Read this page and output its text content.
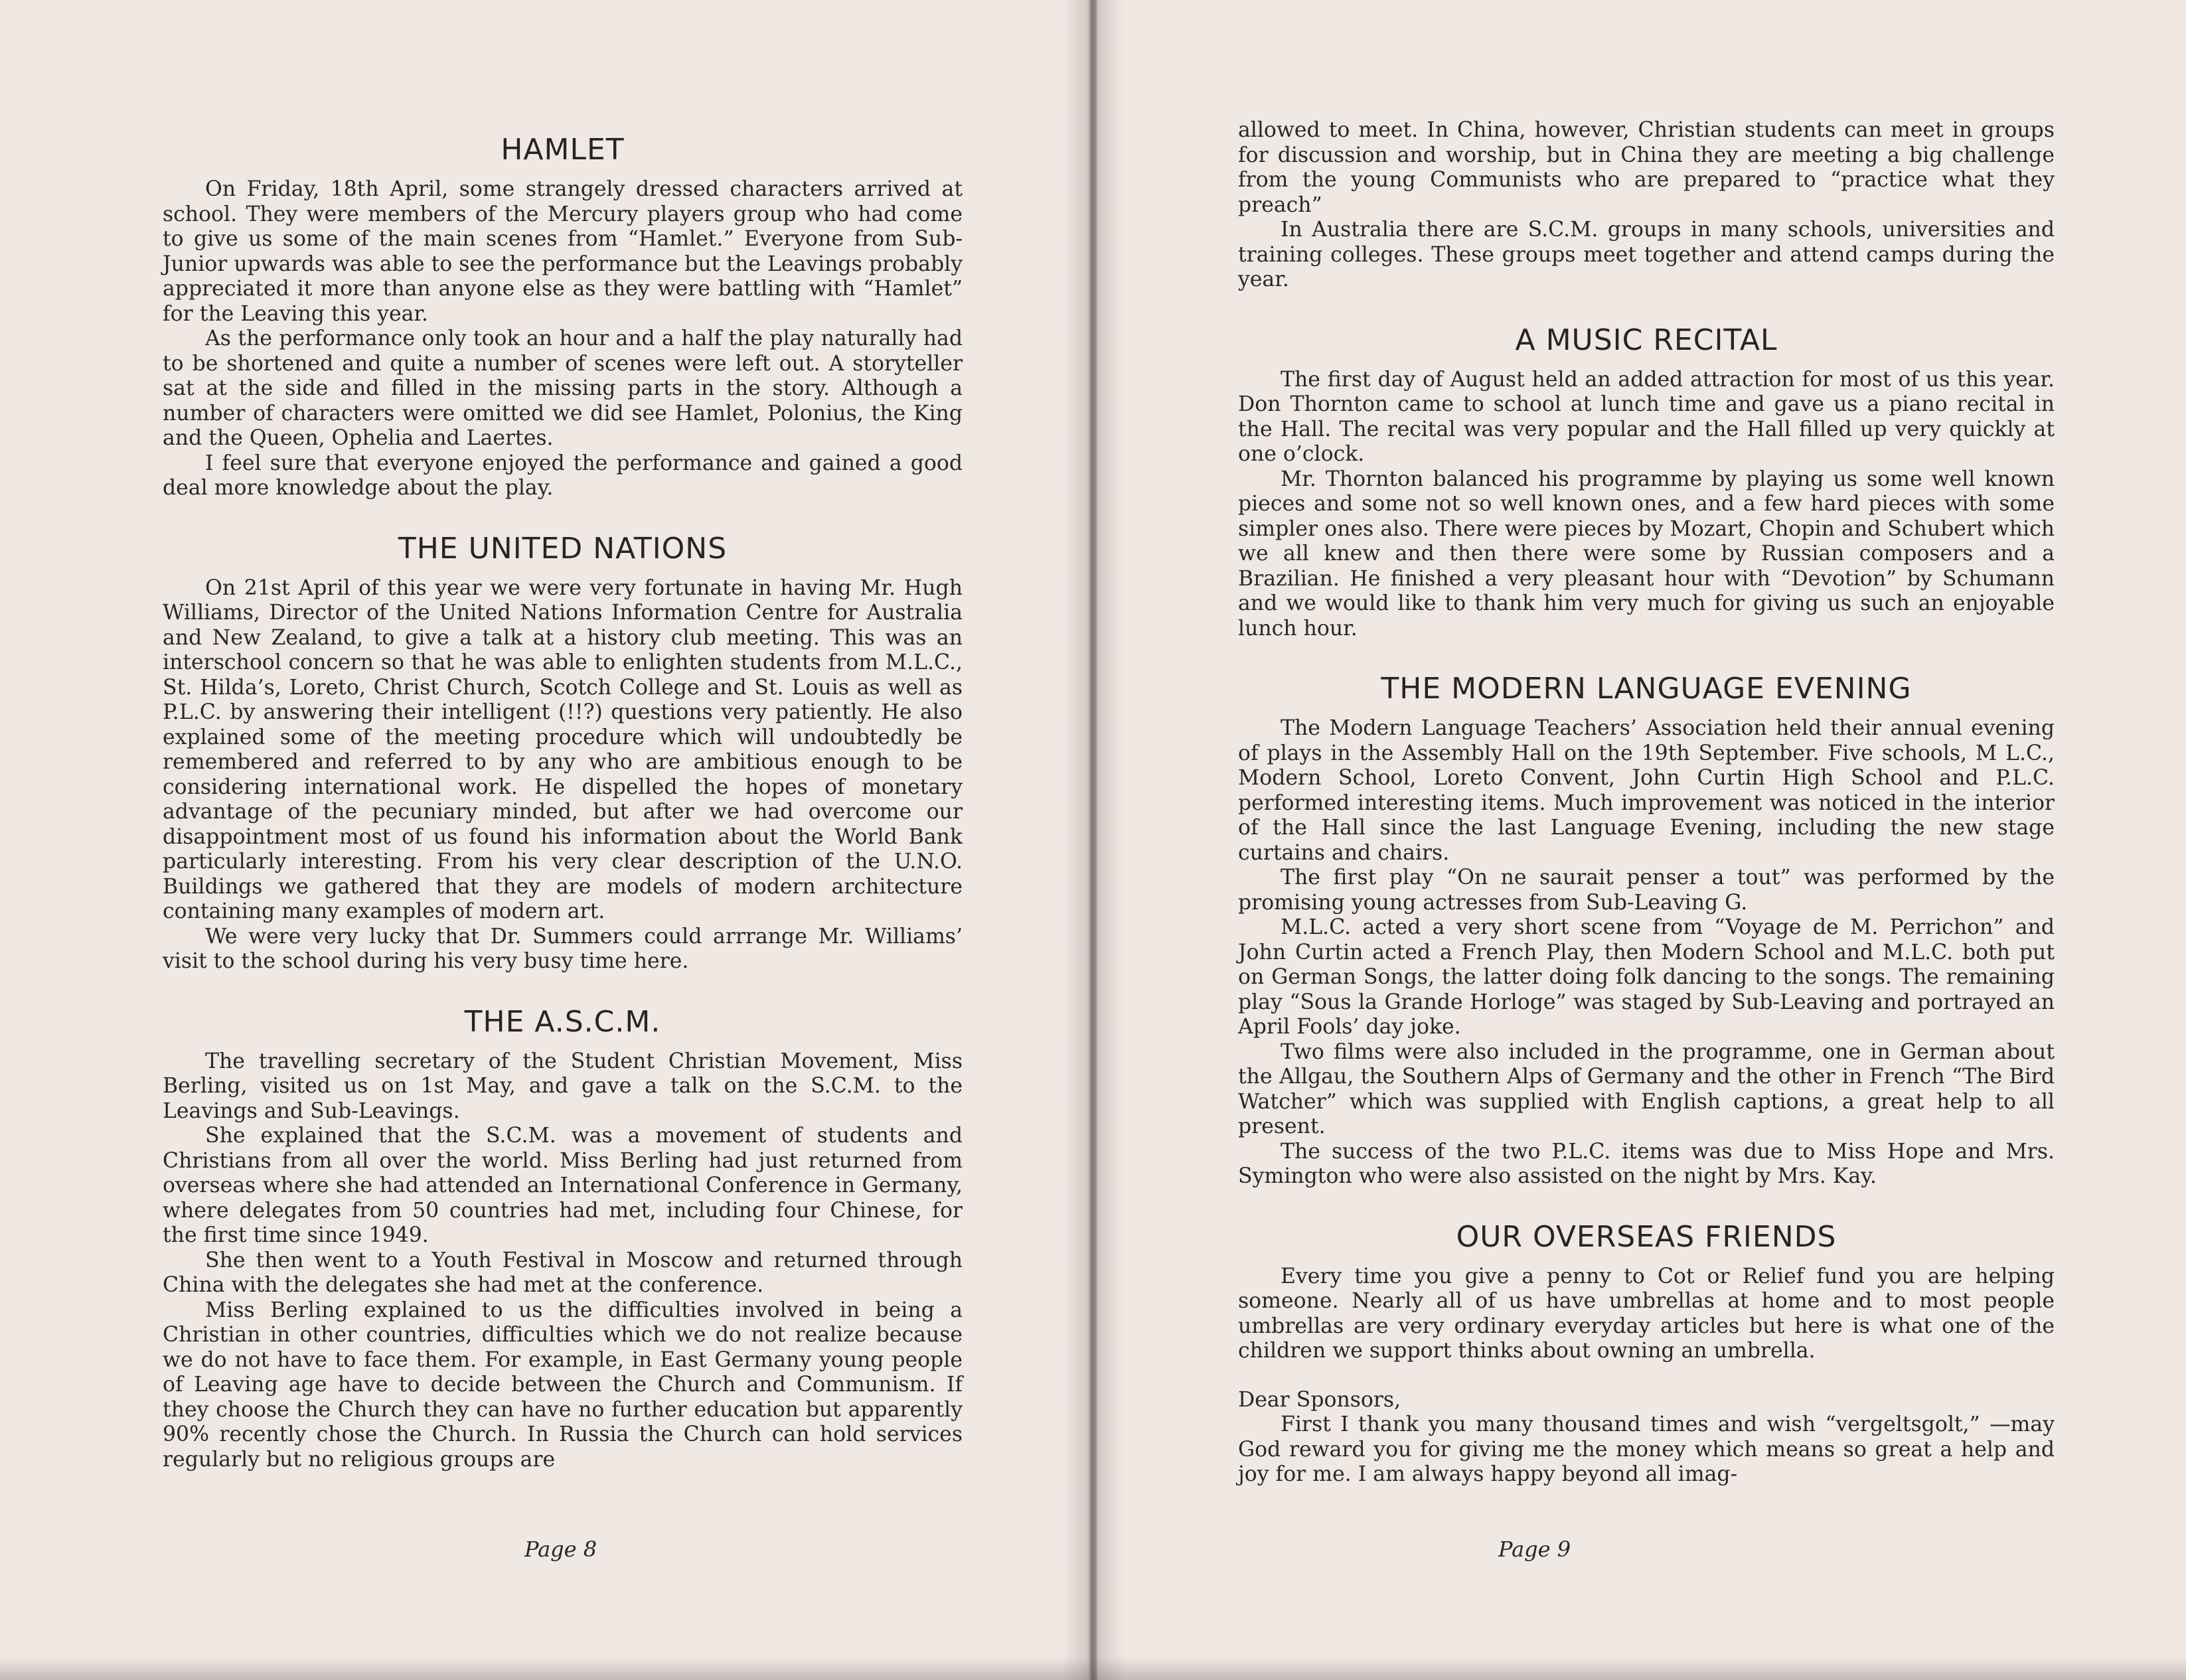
HAMLET

On Friday, 18th April, some strangely dressed characters arrived at school. They were members of the Mercury players group who had come to give us some of the main scenes from “Hamlet.” Everyone from Sub-Junior upwards was able to see the performance but the Leavings probably appreciated it more than anyone else as they were battling with “Hamlet” for the Leaving this year.

As the performance only took an hour and a half the play naturally had to be shortened and quite a number of scenes were left out. A storyteller sat at the side and filled in the missing parts in the story. Although a number of characters were omitted we did see Hamlet, Polonius, the King and the Queen, Ophelia and Laertes.

I feel sure that everyone enjoyed the performance and gained a good deal more knowledge about the play.

THE UNITED NATIONS

On 21st April of this year we were very fortunate in having Mr. Hugh Williams, Director of the United Nations Information Centre for Australia and New Zealand, to give a talk at a history club meeting. This was an interschool concern so that he was able to enlighten students from M.L.C., St. Hilda’s, Loreto, Christ Church, Scotch College and St. Louis as well as P.L.C. by answering their intelligent (!!?) questions very patiently. He also explained some of the meeting procedure which will undoubtedly be remembered and referred to by any who are ambitious enough to be considering international work. He dispelled the hopes of monetary advantage of the pecuniary minded, but after we had overcome our disappointment most of us found his information about the World Bank particularly interesting. From his very clear description of the U.N.O. Buildings we gathered that they are models of modern architecture containing many examples of modern art.

We were very lucky that Dr. Summers could arrrange Mr. Williams’ visit to the school during his very busy time here.

THE A.S.C.M.

The travelling secretary of the Student Christian Movement, Miss Berling, visited us on 1st May, and gave a talk on the S.C.M. to the Leavings and Sub-Leavings.

She explained that the S.C.M. was a movement of students and Christians from all over the world. Miss Berling had just returned from overseas where she had attended an International Conference in Germany, where delegates from 50 countries had met, including four Chinese, for the first time since 1949.

She then went to a Youth Festival in Moscow and returned through China with the delegates she had met at the conference.

Miss Berling explained to us the difficulties involved in being a Christian in other countries, difficulties which we do not realize because we do not have to face them. For example, in East Germany young people of Leaving age have to decide between the Church and Communism. If they choose the Church they can have no further education but apparently 90% recently chose the Church. In Russia the Church can hold services regularly but no religious groups are

Page 8

allowed to meet. In China, however, Christian students can meet in groups for discussion and worship, but in China they are meeting a big challenge from the young Communists who are prepared to “practice what they preach”

In Australia there are S.C.M. groups in many schools, universities and training colleges. These groups meet together and attend camps during the year.

A MUSIC RECITAL

The first day of August held an added attraction for most of us this year. Don Thornton came to school at lunch time and gave us a piano recital in the Hall. The recital was very popular and the Hall filled up very quickly at one o’clock.

Mr. Thornton balanced his programme by playing us some well known pieces and some not so well known ones, and a few hard pieces with some simpler ones also. There were pieces by Mozart, Chopin and Schubert which we all knew and then there were some by Russian composers and a Brazilian. He finished a very pleasant hour with “Devotion” by Schumann and we would like to thank him very much for giving us such an enjoyable lunch hour.

THE MODERN LANGUAGE EVENING

The Modern Language Teachers’ Association held their annual evening of plays in the Assembly Hall on the 19th September. Five schools, M L.C., Modern School, Loreto Convent, John Curtin High School and P.L.C. performed interesting items. Much improvement was noticed in the interior of the Hall since the last Language Evening, including the new stage curtains and chairs.

The first play “On ne saurait penser a tout” was performed by the promising young actresses from Sub-Leaving G.

M.L.C. acted a very short scene from “Voyage de M. Perrichon” and John Curtin acted a French Play, then Modern School and M.L.C. both put on German Songs, the latter doing folk dancing to the songs. The remaining play “Sous la Grande Horloge” was staged by Sub-Leaving and portrayed an April Fools’ day joke.

Two films were also included in the programme, one in German about the Allgau, the Southern Alps of Germany and the other in French “The Bird Watcher” which was supplied with English captions, a great help to all present.

The success of the two P.L.C. items was due to Miss Hope and Mrs. Symington who were also assisted on the night by Mrs. Kay.

OUR OVERSEAS FRIENDS

Every time you give a penny to Cot or Relief fund you are helping someone. Nearly all of us have umbrellas at home and to most people umbrellas are very ordinary everyday articles but here is what one of the children we support thinks about owning an umbrella.

Dear Sponsors,

First I thank you many thousand times and wish “vergeltsgolt,” —may God reward you for giving me the money which means so great a help and joy for me. I am always happy beyond all imag-

Page 9
